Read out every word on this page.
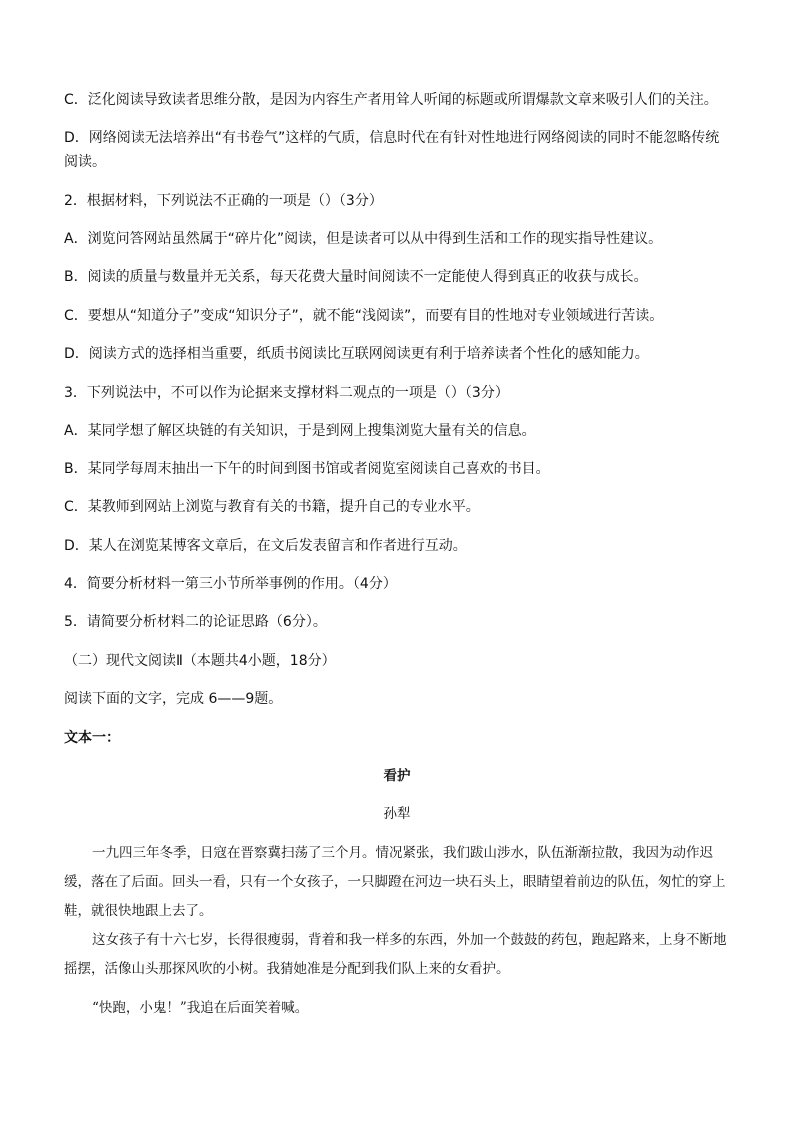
C．泛化阅读导致读者思维分散，是因为内容生产者用耸人听闻的标题或所谓爆款文章来吸引人们的关注。
D．网络阅读无法培养出“有书卷气”这样的气质，信息时代在有针对性地进行网络阅读的同时不能忽略传统
阅读。
2．根据材料，下列说法不正确的一项是（）（3分）
A．浏览问答网站虽然属于“碎片化”阅读，但是读者可以从中得到生活和工作的现实指导性建议。
B．阅读的质量与数量并无关系，每天花费大量时间阅读不一定能使人得到真正的收获与成长。
C．要想从“知道分子”变成“知识分子”，就不能“浅阅读”，而要有目的性地对专业领域进行苦读。
D．阅读方式的选择相当重要，纸质书阅读比互联网阅读更有利于培养读者个性化的感知能力。
3．下列说法中，不可以作为论据来支撑材料二观点的一项是（）（3分）
A．某同学想了解区块链的有关知识，于是到网上搜集浏览大量有关的信息。
B．某同学每周末抽出一下午的时间到图书馆或者阅览室阅读自己喜欢的书目。
C．某教师到网站上浏览与教育有关的书籍，提升自己的专业水平。
D．某人在浏览某博客文章后，在文后发表留言和作者进行互动。
4．简要分析材料一第三小节所举事例的作用。（4分）
5．请简要分析材料二的论证思路（6分）。
（二）现代文阅读Ⅱ（本题共4小题，18分）
阅读下面的文字，完成 6——9题。
文本一：
看护
孙犁
一九四三年冬季，日寇在晋察冀扫荡了三个月。情况紧张，我们跋山涉水，队伍渐渐拉散，我因为动作迟缓，落在了后面。回头一看，只有一个女孩子，一只脚蹬在河边一块石头上，眼睛望着前边的队伍，匆忙的穿上鞋，就很快地跟上去了。
这女孩子有十六七岁，长得很瘦弱，背着和我一样多的东西，外加一个鼓鼓的药包，跑起路来，上身不断地摇摆，活像山头那探风吹的小树。我猜她准是分配到我们队上来的女看护。
“快跑，小鬼！”我追在后面笑着喊。
